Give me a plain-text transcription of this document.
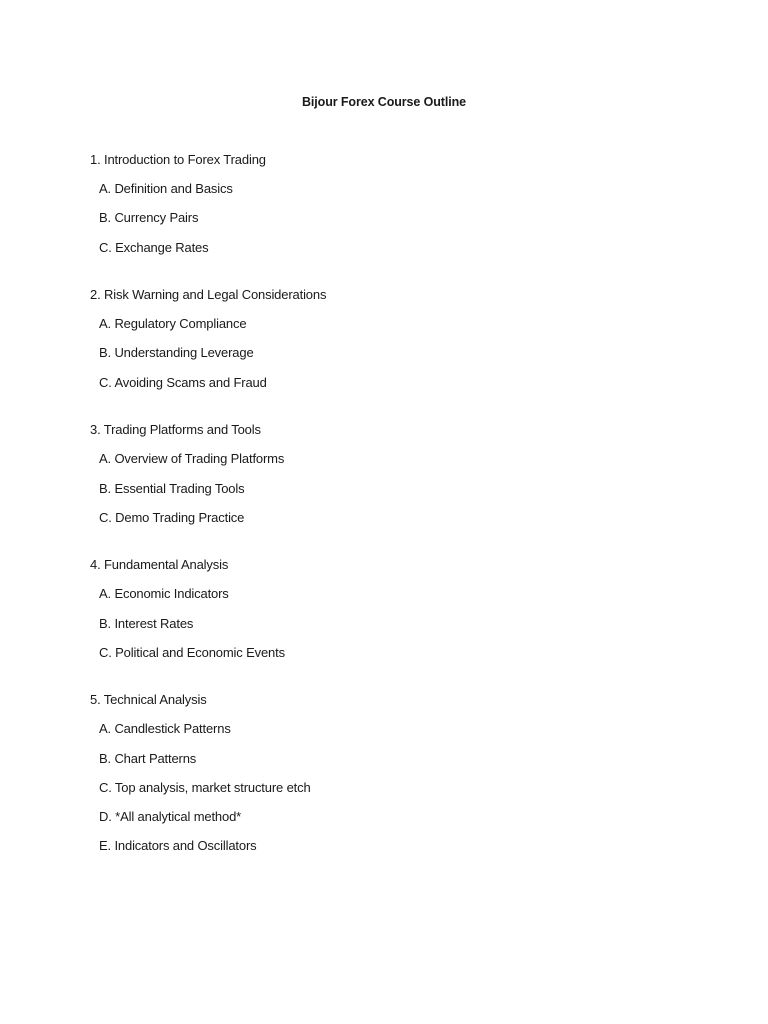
Bijour Forex Course Outline
1. Introduction to Forex Trading
A. Definition and Basics
B. Currency Pairs
C. Exchange Rates
2. Risk Warning and Legal Considerations
A. Regulatory Compliance
B. Understanding Leverage
C. Avoiding Scams and Fraud
3. Trading Platforms and Tools
A. Overview of Trading Platforms
B. Essential Trading Tools
C. Demo Trading Practice
4. Fundamental Analysis
A. Economic Indicators
B. Interest Rates
C. Political and Economic Events
5. Technical Analysis
A. Candlestick Patterns
B. Chart Patterns
C. Top analysis, market structure etch
D. *All analytical method*
E. Indicators and Oscillators
